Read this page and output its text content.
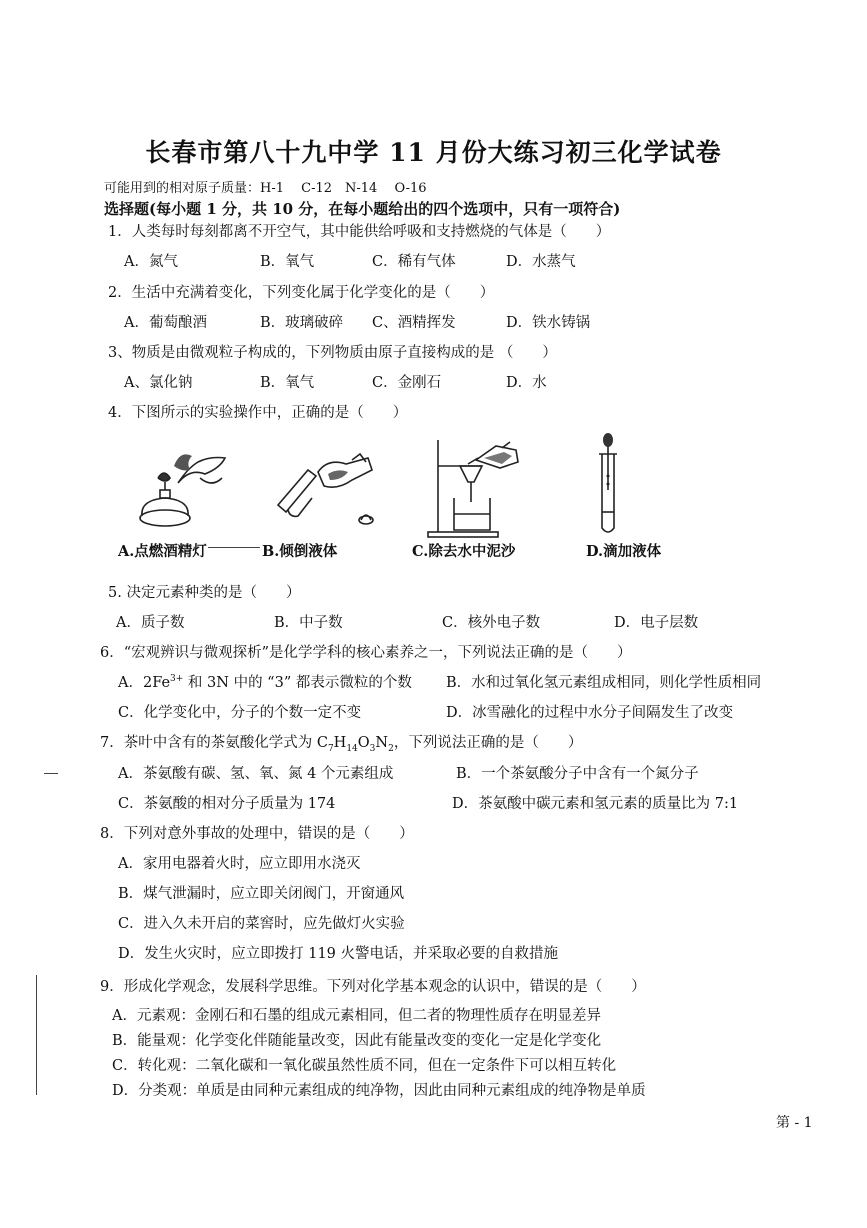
长春市第八十九中学 11 月份大练习初三化学试卷
可能用到的相对原子质量：H-1　 C-12　N-14　 O-16
选择题(每小题 1 分，共 10 分，在每小题给出的四个选项中，只有一项符合)
1．人类每时每刻都离不开空气，其中能供给呼吸和支持燃烧的气体是（　　）
A．氮气	B．氧气	C．稀有气体	D．水蒸气
2．生活中充满着变化，下列变化属于化学变化的是（　　）
A．葡萄酿酒	B．玻璃破碎 C、酒精挥发	D．铁水铸锅
3、物质是由微观粒子构成的，下列物质由原子直接构成的是 （　　）
A、氯化钠	B．氧气	C．金刚石	D．水
4．下图所示的实验操作中，正确的是（　　）
A.点燃酒精灯	B.倾倒液体	C.除去水中泥沙	D.滴加液体
5. 决定元素种类的是（　　）
A．质子数	B．中子数	C．核外电子数	D．电子层数
6．“宏观辨识与微观探析”是化学学科的核心素养之一，下列说法正确的是（　　）
A．$2Fe^{3+}$ 和 3N 中的 “3” 都表示微粒的个数 B．水和过氧化氢元素组成相同，则化学性质相同
C．化学变化中，分子的个数一定不变	D．冰雪融化的过程中水分子间隔发生了改变
7．茶叶中含有的茶氨酸化学式为 $C_7H_{14}O_3N_2$，下列说法正确的是（　　）
A．茶氨酸有碳、氢、氧、氮 4 个元素组成	B．一个茶氨酸分子中含有一个氮分子
C．茶氨酸的相对分子质量为 174	D．茶氨酸中碳元素和氢元素的质量比为 7:1
8．下列对意外事故的处理中，错误的是（　　）
A．家用电器着火时，应立即用水浇灭
B．煤气泄漏时，应立即关闭阀门，开窗通风
C．进入久未开启的菜窖时，应先做灯火实验
D．发生火灾时，应立即拨打 119 火警电话，并采取必要的自救措施
9．形成化学观念，发展科学思维。下列对化学基本观念的认识中，错误的是（　　）
A．元素观：金刚石和石墨的组成元素相同，但二者的物理性质存在明显差异
B．能量观：化学变化伴随能量改变，因此有能量改变的变化一定是化学变化
C．转化观：二氧化碳和一氧化碳虽然性质不同，但在一定条件下可以相互转化
D．分类观：单质是由同种元素组成的纯净物，因此由同种元素组成的纯净物是单质
第 - 1
